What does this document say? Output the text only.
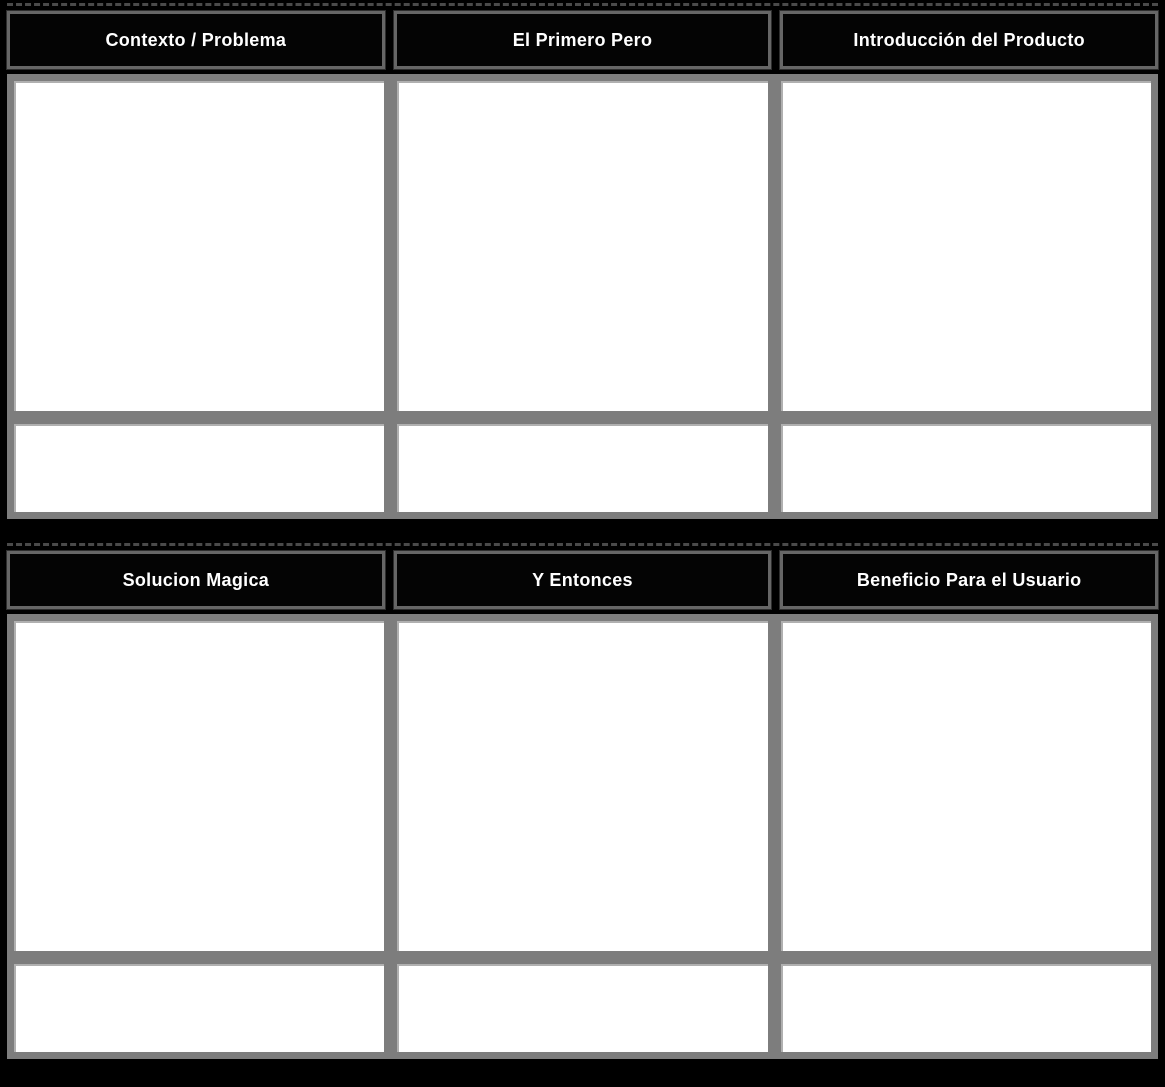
Contexto / Problema	El Primero Pero	Introducción del Producto
Solucion Magica	Y Entonces	Beneficio Para el Usuario
